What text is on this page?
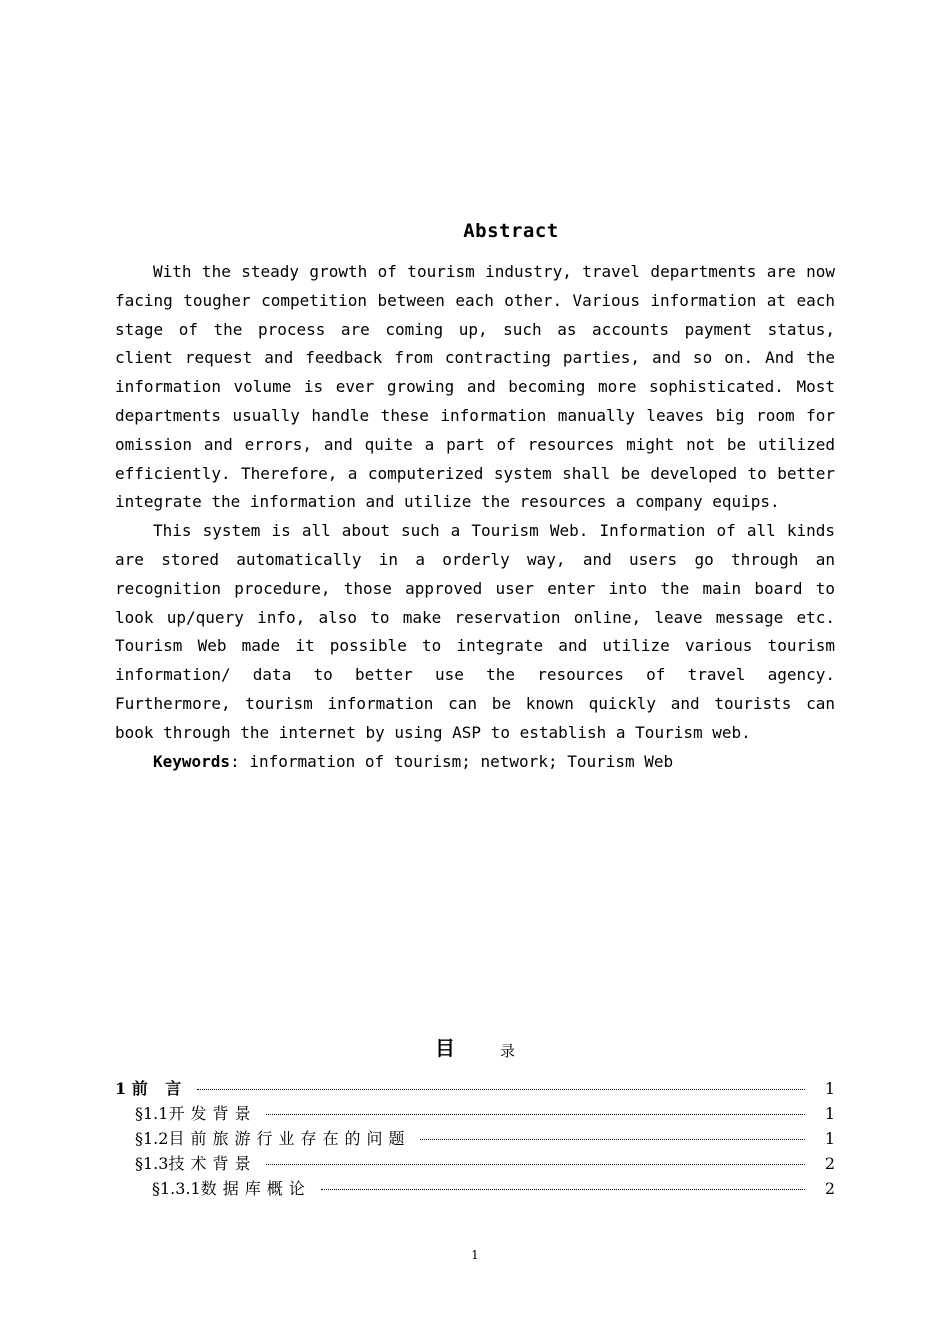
Abstract

With the steady growth of tourism industry, travel departments are now facing tougher competition between each other. Various information at each stage of the process are coming up, such as accounts payment status, client request and feedback from contracting parties, and so on. And the information volume is ever growing and becoming more sophisticated. Most departments usually handle these information manually leaves big room for omission and errors, and quite a part of resources might not be utilized efficiently. Therefore, a computerized system shall be developed to better integrate the information and utilize the resources a company equips.

This system is all about such a Tourism Web. Information of all kinds are stored automatically in a orderly way, and users go through an recognition procedure, those approved user enter into the main board to look up/query info, also to make reservation online, leave message etc. Tourism Web made it possible to integrate and utilize various tourism information/ data to better use the resources of travel agency. Furthermore, tourism information can be known quickly and tourists can book through the internet by using ASP to establish a Tourism web.

Keywords: information of tourism; network; Tourism Web

目	录
1 前 言	1
§1.1 开发背景	1
§1.2 目前旅游行业存在的问题	1
§1.3 技术背景	2
§1.3.1 数据库概论	2
1
